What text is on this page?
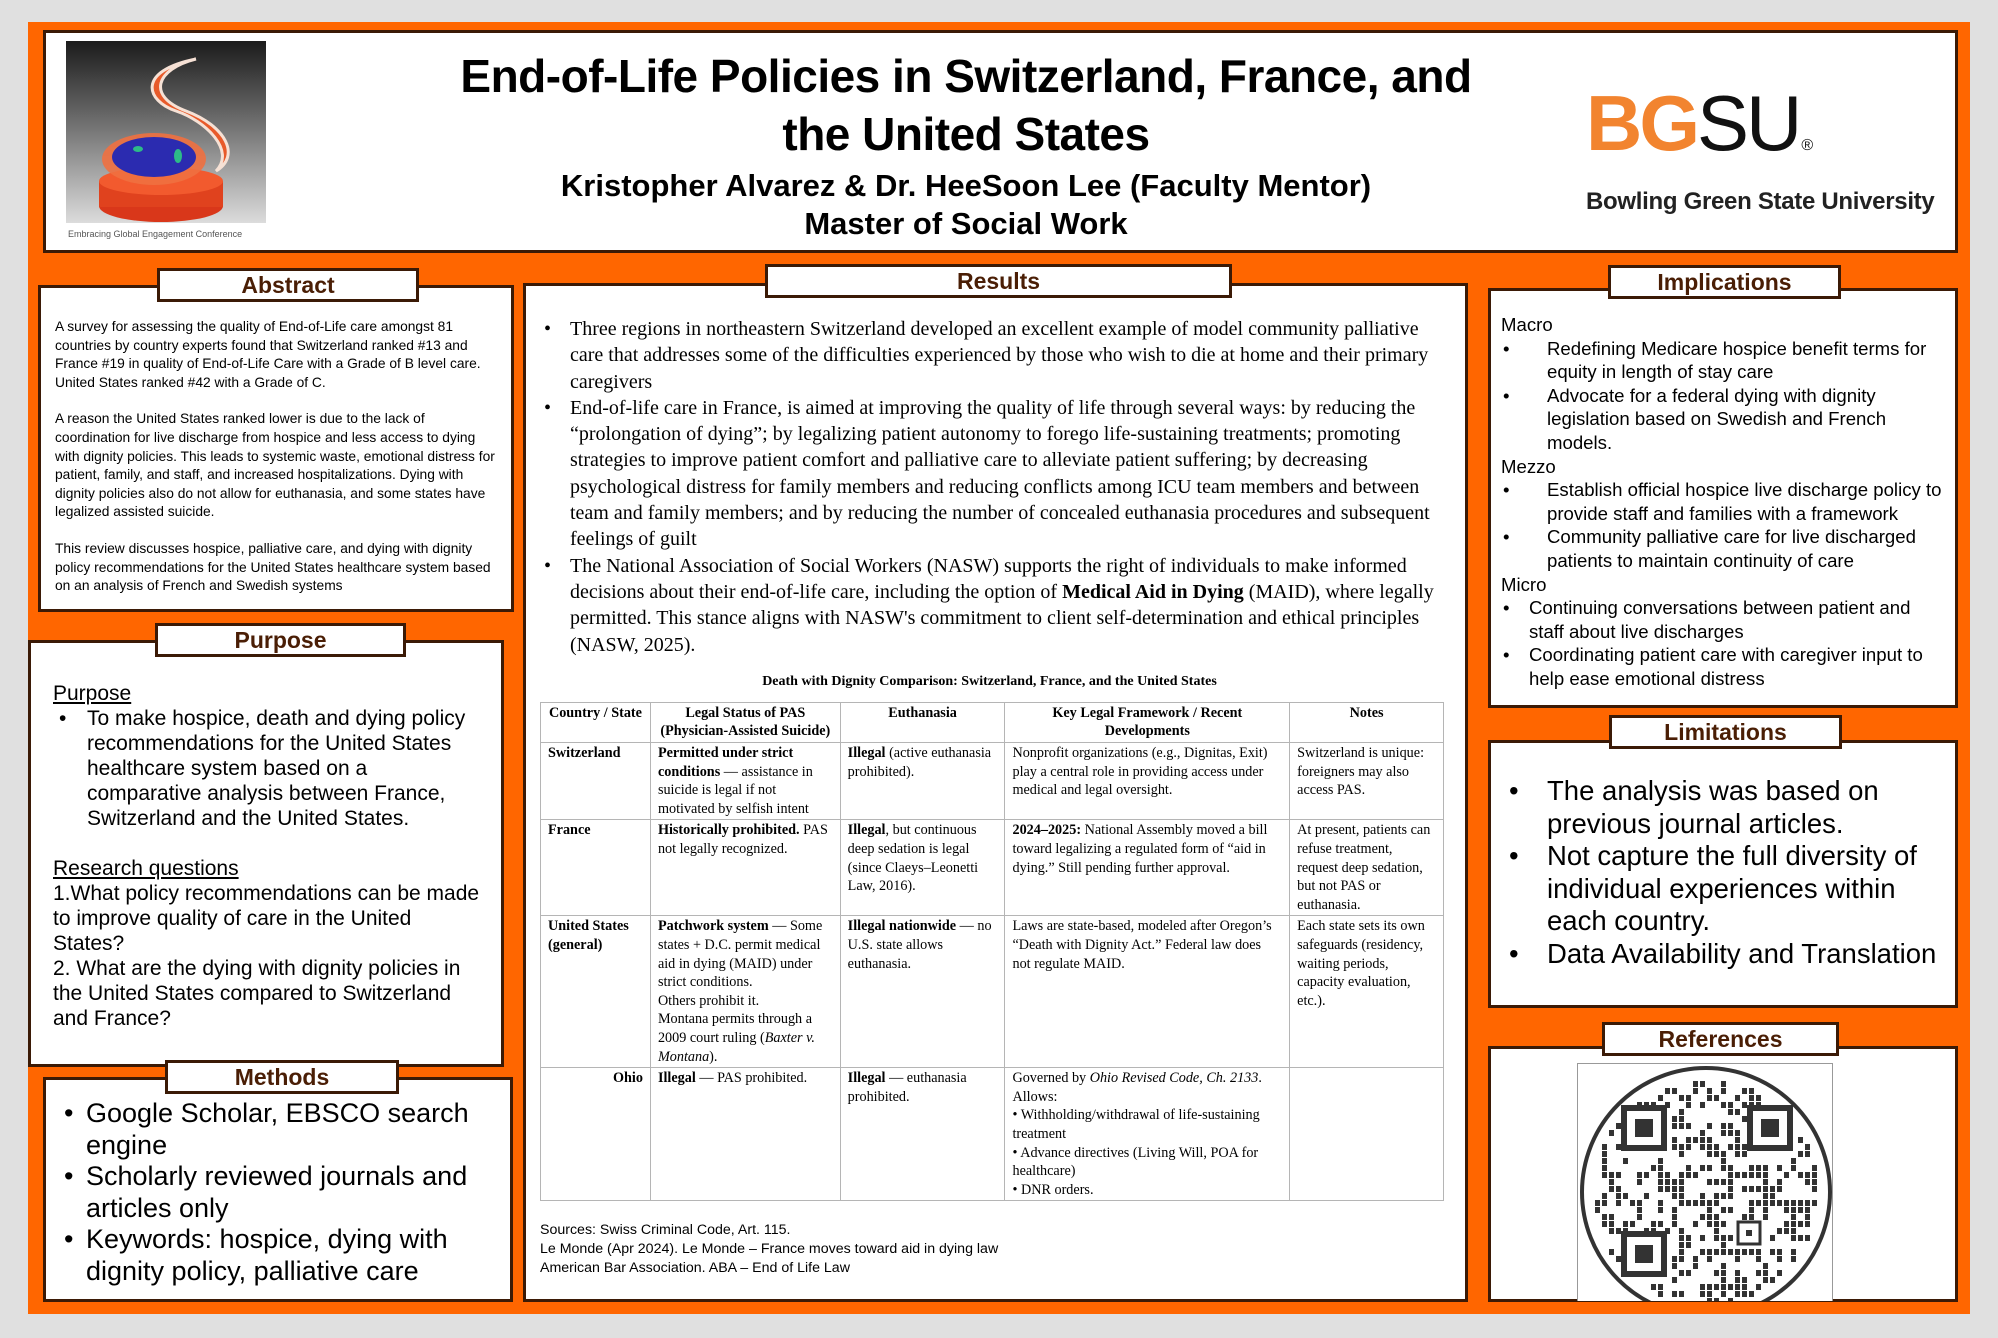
Embracing Global Engagement Conference
End-of-Life Policies in Switzerland, France, and
the United States
Kristopher Alvarez & Dr. HeeSoon Lee (Faculty Mentor)
Master of Social Work
BGSU ®
Bowling Green State University

A survey for assessing the quality of End-of-Life care amongst 81 countries by country experts found that Switzerland ranked #13 and France #19 in quality of End-of-Life Care with a Grade of B level care. United States ranked #42 with a Grade of C.

A reason the United States ranked lower is due to the lack of coordination for live discharge from hospice and less access to dying with dignity policies. This leads to systemic waste, emotional distress for patient, family, and staff, and increased hospitalizations. Dying with dignity policies also do not allow for euthanasia, and some states have legalized assisted suicide.

This review discusses hospice, palliative care, and dying with dignity policy recommendations for the United States healthcare system based on an analysis of French and Swedish systems

Abstract
Purpose
• To make hospice, death and dying policy recommendations for the United States healthcare system based on a comparative analysis between France, Switzerland and the United States.
Research questions
1.What policy recommendations can be made to improve quality of care in the United States?
2. What are the dying with dignity policies in the United States compared to Switzerland and France?
Purpose
• Google Scholar, EBSCO search engine
• Scholarly reviewed journals and articles only
• Keywords: hospice, dying with dignity policy, palliative care
Methods
• Three regions in northeastern Switzerland developed an excellent example of model community palliative care that addresses some of the difficulties experienced by those who wish to die at home and their primary caregivers
• End-of-life care in France, is aimed at improving the quality of life through several ways: by reducing the “prolongation of dying”; by legalizing patient autonomy to forego life-sustaining treatments; promoting strategies to improve patient comfort and palliative care to alleviate patient suffering; by decreasing psychological distress for family members and reducing conflicts among ICU team members and between team and family members; and by reducing the number of concealed euthanasia procedures and subsequent feelings of guilt
• The National Association of Social Workers (NASW) supports the right of individuals to make informed decisions about their end-of-life care, including the option of Medical Aid in Dying (MAID), where legally permitted. This stance aligns with NASW's commitment to client self-determination and ethical principles (NASW, 2025).
Death with Dignity Comparison: Switzerland, France, and the United States
Country / State	Legal Status of PAS (Physician-Assisted Suicide)	Euthanasia	Key Legal Framework / Recent Developments	Notes
Switzerland	Permitted under strict conditions — assistance in suicide is legal if not motivated by selfish intent	Illegal (active euthanasia prohibited).	Nonprofit organizations (e.g., Dignitas, Exit) play a central role in providing access under medical and legal oversight.	Switzerland is unique: foreigners may also access PAS.
France	Historically prohibited. PAS not legally recognized.	Illegal, but continuous deep sedation is legal (since Claeys–Leonetti Law, 2016).	2024–2025: National Assembly moved a bill toward legalizing a regulated form of “aid in dying.” Still pending further approval.	At present, patients can refuse treatment, request deep sedation, but not PAS or euthanasia.
United States (general)	Patchwork system — Some states + D.C. permit medical aid in dying (MAID) under strict conditions.
Others prohibit it.
Montana permits through a 2009 court ruling (Baxter v. Montana).	Illegal nationwide — no U.S. state allows euthanasia.	Laws are state-based, modeled after Oregon’s “Death with Dignity Act.” Federal law does not regulate MAID.	Each state sets its own safeguards (residency, waiting periods, capacity evaluation, etc.).
Ohio	Illegal — PAS prohibited.	Illegal — euthanasia prohibited.	Governed by Ohio Revised Code, Ch. 2133. Allows:
• Withholding/withdrawal of life-sustaining treatment
• Advance directives (Living Will, POA for healthcare)
• DNR orders.	
Sources: Swiss Criminal Code, Art. 115.
Le Monde (Apr 2024). Le Monde – France moves toward aid in dying law
American Bar Association. ABA – End of Life Law
Results
Macro
• Redefining Medicare hospice benefit terms for equity in length of stay care
• Advocate for a federal dying with dignity legislation based on Swedish and French models.
Mezzo
• Establish official hospice live discharge policy to provide staff and families with a framework
• Community palliative care for live discharged patients to maintain continuity of care
Micro
• Continuing conversations between patient and staff about live discharges
• Coordinating patient care with caregiver input to help ease emotional distress
Implications
• The analysis was based on previous journal articles.
• Not capture the full diversity of individual experiences within each country.
• Data Availability and Translation
Limitations
References
